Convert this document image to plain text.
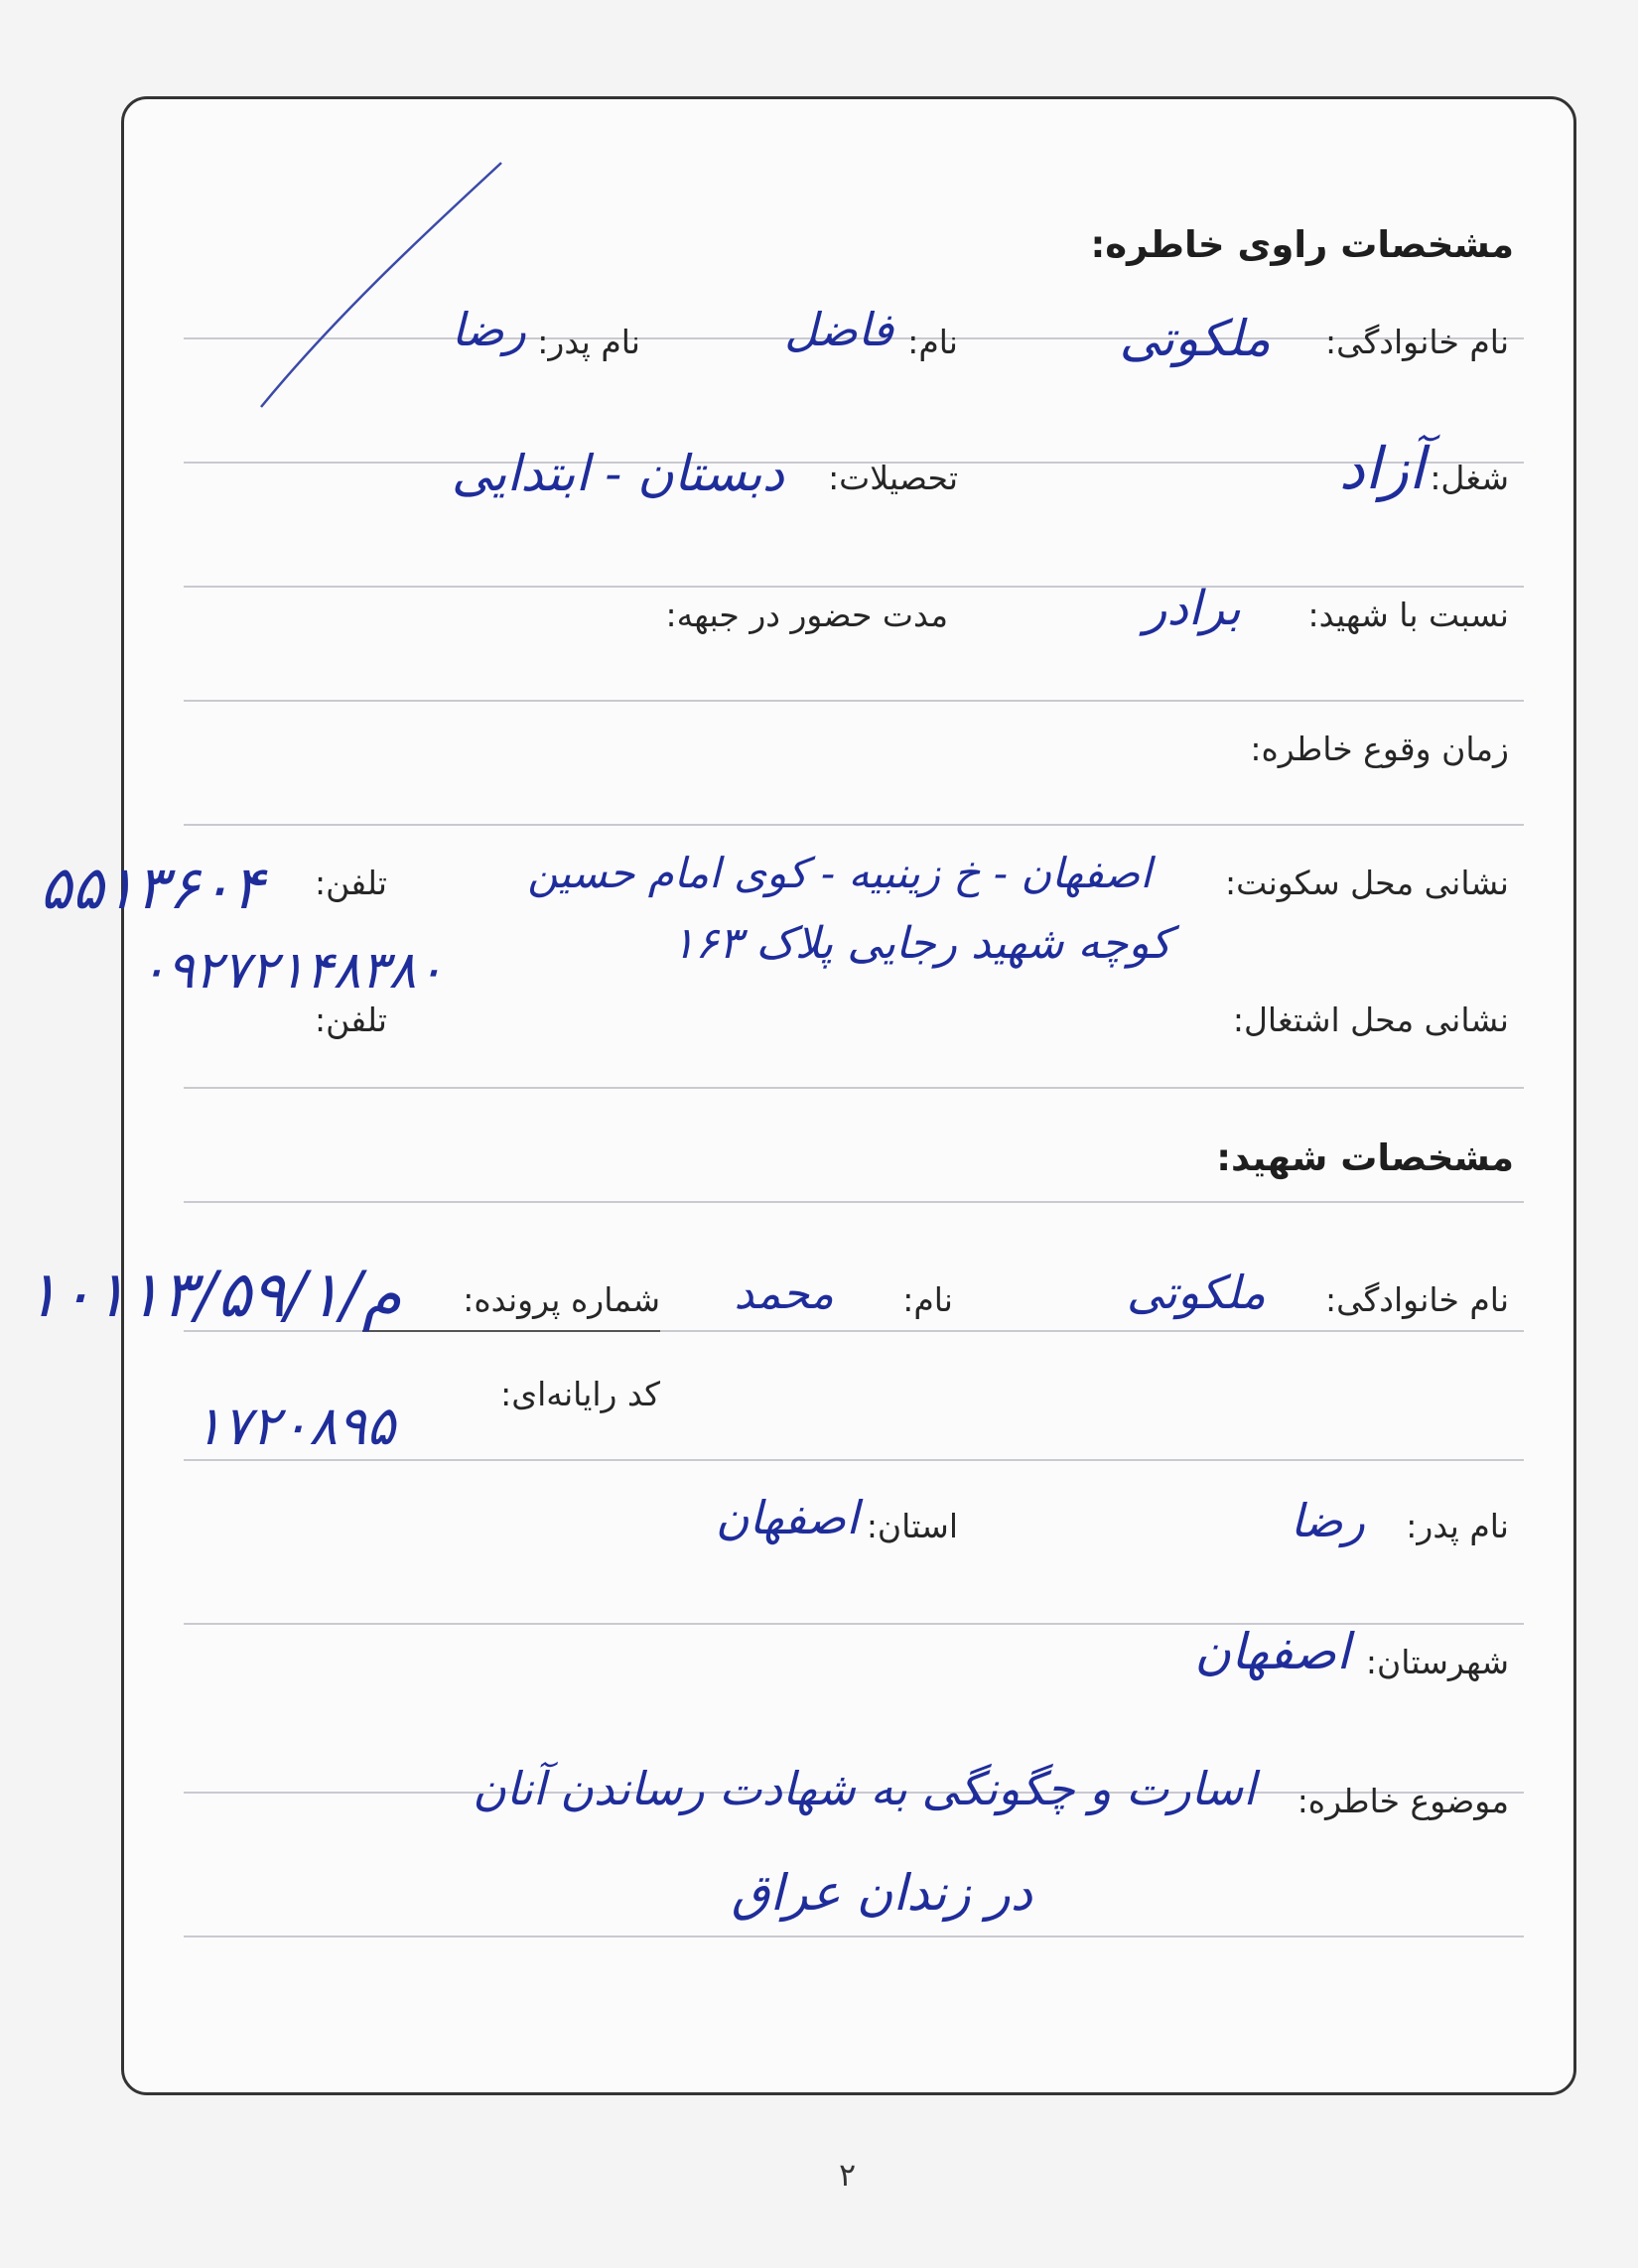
مشخصات راوی خاطره:
نام خانوادگی:
ملکوتی
نام:
فاضل
نام پدر:
رضا
شغل:
آزاد
تحصیلات:
دبستان - ابتدایی
نسبت با شهید:
برادر
مدت حضور در جبهه:
زمان وقوع خاطره:
نشانی محل سکونت:
اصفهان - خ زینبیه - کوی امام حسین
تلفن:
۵۵۱۳۶۰۴
کوچه شهید رجایی پلاک ۱۶۳
۰۹۲۷۲۱۴۸۳۸۰
نشانی محل اشتغال:
تلفن:
مشخصات شهید:
نام خانوادگی:
ملکوتی
نام:
محمد
شماره پرونده:
۱۰۱۱۳/۵۹/۱/م
کد رایانه‌ای:
۱۷۲۰۸۹۵
نام پدر:
رضا
استان:
اصفهان
شهرستان:
اصفهان
موضوع خاطره:
اسارت و چگونگی به شهادت رساندن آنان
در زندان عراق
۲
